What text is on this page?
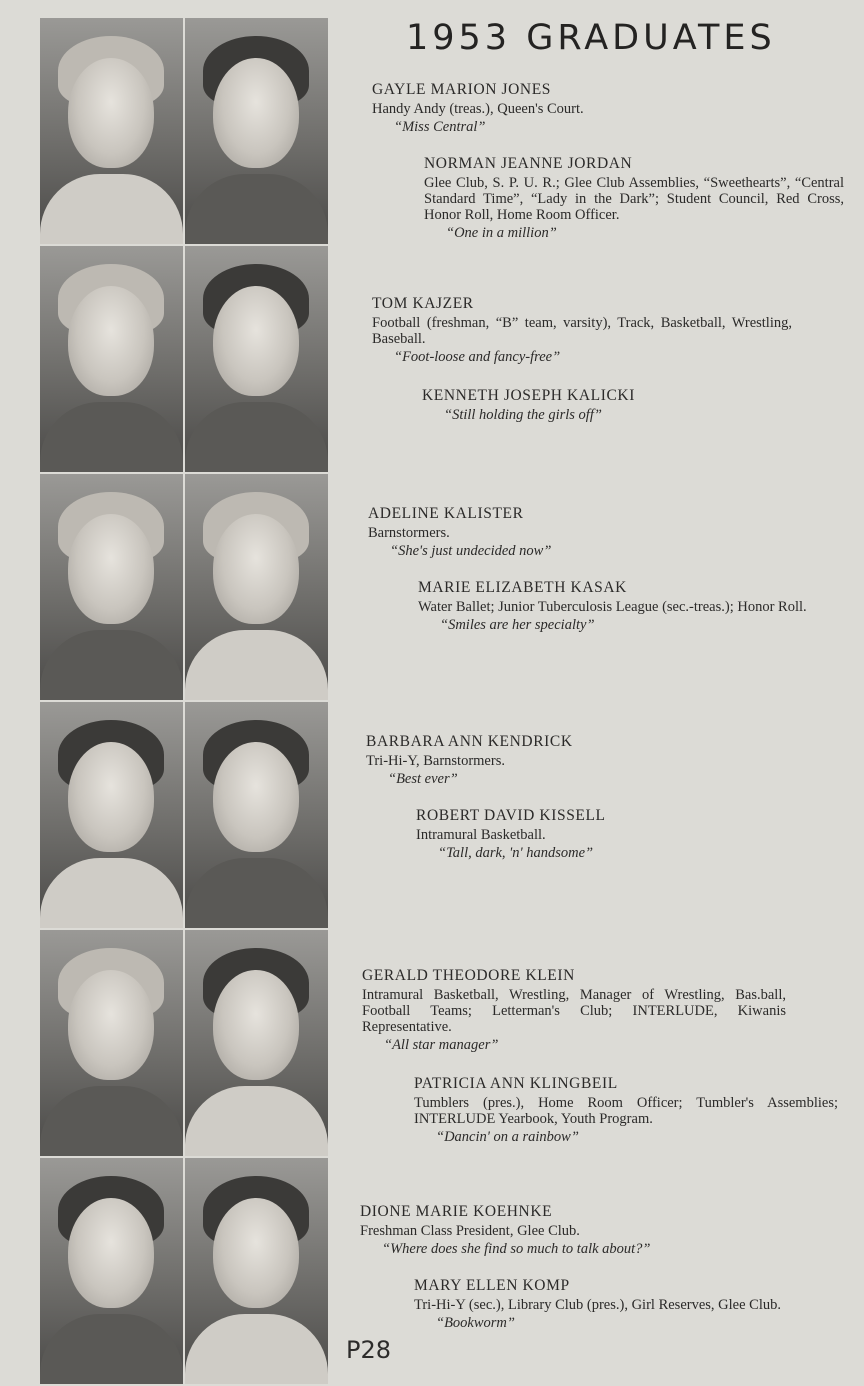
1953 GRADUATES
GAYLE MARION JONES
Handy Andy (treas.), Queen's Court.
“Miss Central”
NORMAN JEANNE JORDAN
Glee Club, S. P. U. R.; Glee Club Assemblies, “Sweethearts”, “Central Standard Time”, “Lady in the Dark”; Student Council, Red Cross, Honor Roll, Home Room Officer.
“One in a million”
TOM KAJZER
Football (freshman, “B” team, varsity), Track, Basketball, Wrestling, Baseball.
“Foot-loose and fancy-free”
KENNETH JOSEPH KALICKI
“Still holding the girls off”
ADELINE KALISTER
Barnstormers.
“She's just undecided now”
MARIE ELIZABETH KASAK
Water Ballet; Junior Tuberculosis League (sec.-treas.); Honor Roll.
“Smiles are her specialty”
BARBARA ANN KENDRICK
Tri-Hi-Y, Barnstormers.
“Best ever”
ROBERT DAVID KISSELL
Intramural Basketball.
“Tall, dark, 'n' handsome”
GERALD THEODORE KLEIN
Intramural Basketball, Wrestling, Manager of Wrestling, Bas.ball, Football Teams; Letterman's Club; INTERLUDE, Kiwanis Representative.
“All star manager”
PATRICIA ANN KLINGBEIL
Tumblers (pres.), Home Room Officer; Tumbler's Assemblies; INTERLUDE Yearbook, Youth Program.
“Dancin' on a rainbow”
DIONE MARIE KOEHNKE
Freshman Class President, Glee Club.
“Where does she find so much to talk about?”
MARY ELLEN KOMP
Tri-Hi-Y (sec.), Library Club (pres.), Girl Reserves, Glee Club.
“Bookworm”
P28
